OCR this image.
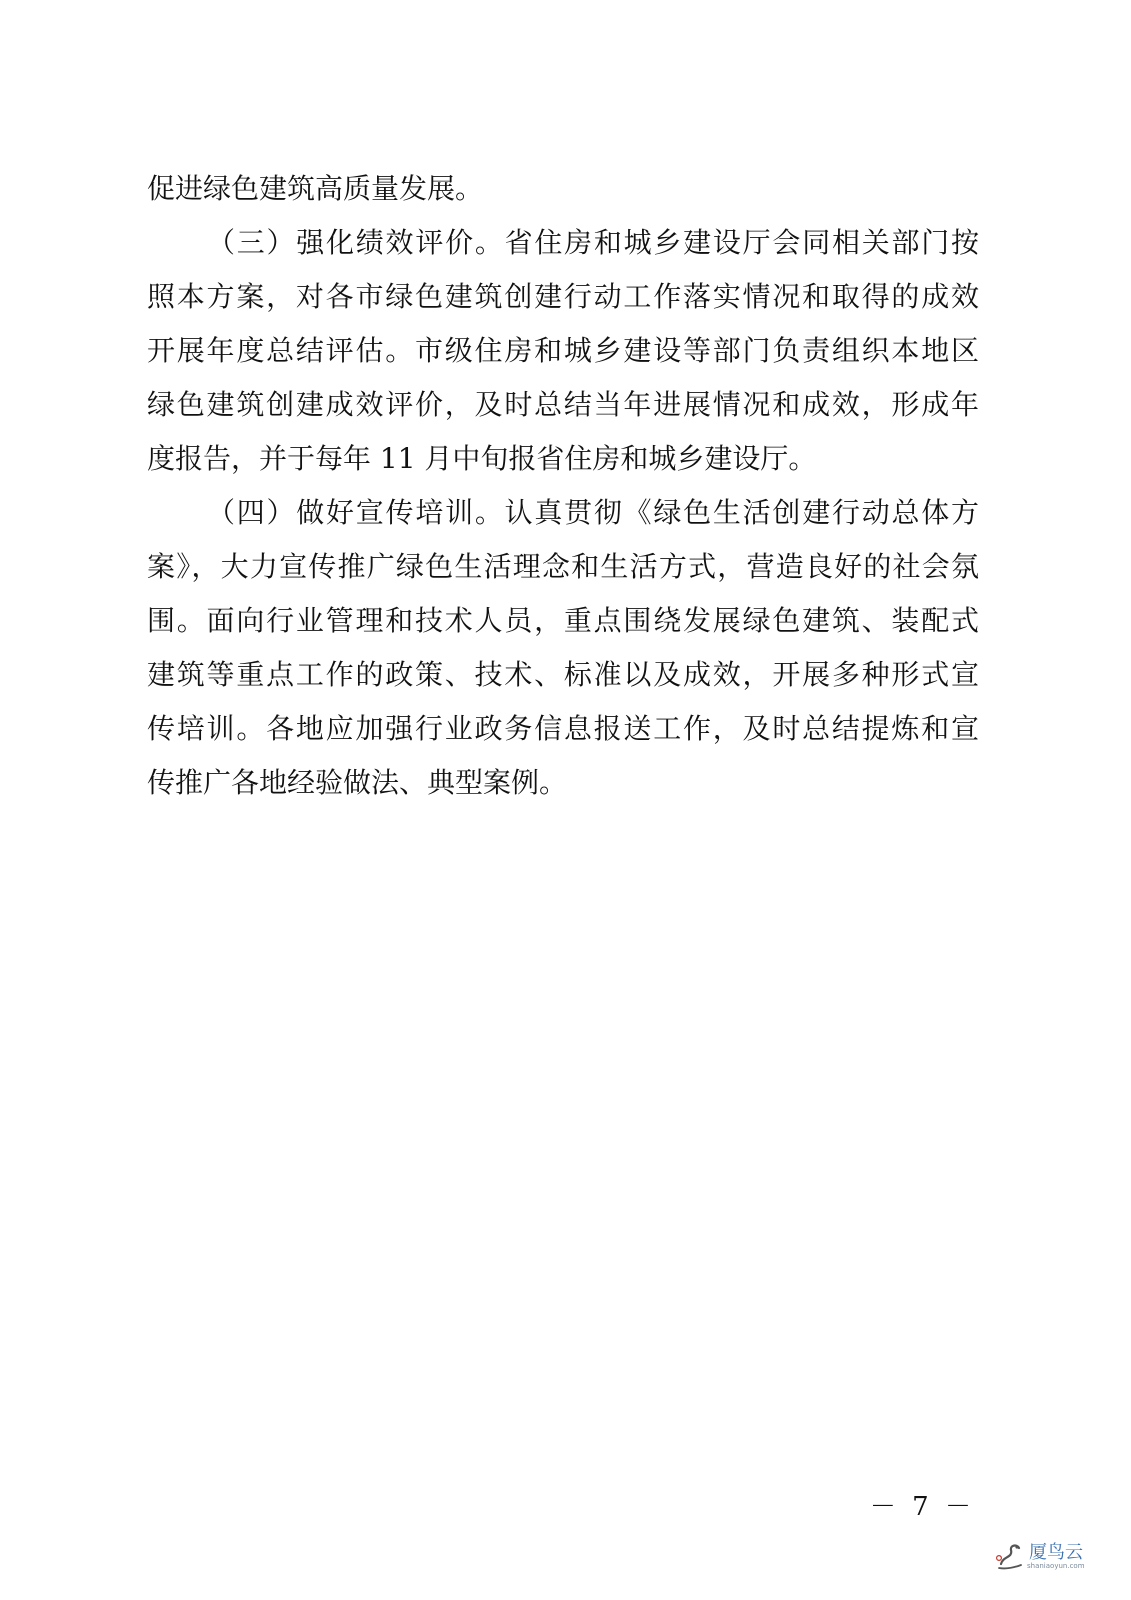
促进绿色建筑高质量发展。
（三）强化绩效评价。省住房和城乡建设厅会同相关部门按
照本方案，对各市绿色建筑创建行动工作落实情况和取得的成效
开展年度总结评估。市级住房和城乡建设等部门负责组织本地区
绿色建筑创建成效评价，及时总结当年进展情况和成效，形成年
度报告，并于每年 11 月中旬报省住房和城乡建设厅。
（四）做好宣传培训。认真贯彻《绿色生活创建行动总体方
案》，大力宣传推广绿色生活理念和生活方式，营造良好的社会氛
围。面向行业管理和技术人员，重点围绕发展绿色建筑、装配式
建筑等重点工作的政策、技术、标准以及成效，开展多种形式宣
传培训。各地应加强行业政务信息报送工作，及时总结提炼和宣
传推广各地经验做法、典型案例。
－ 7 －
厦鸟云
shaniaoyun.com
